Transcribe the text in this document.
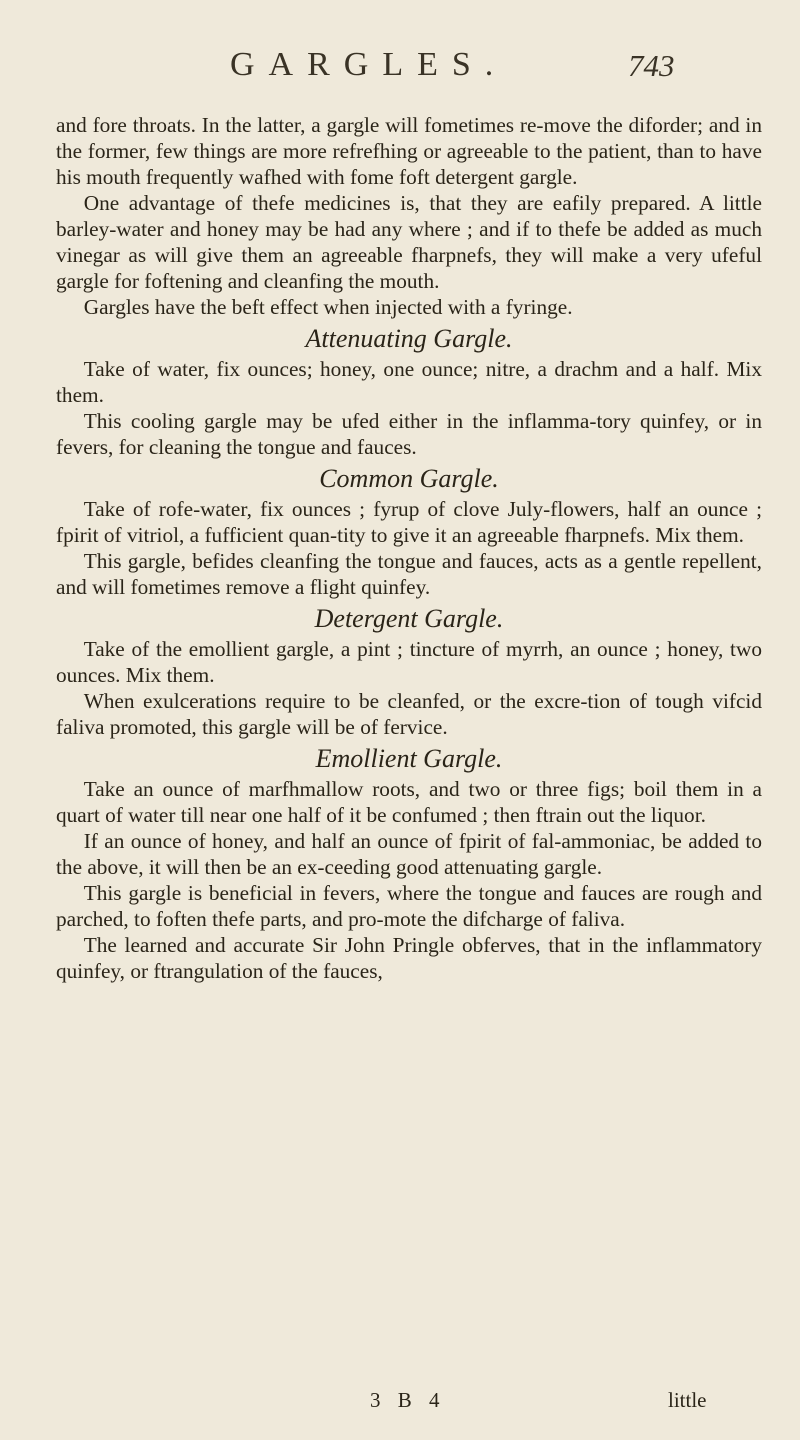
GARGLES.	743

and fore throats. In the latter, a gargle will fometimes re-move the diforder; and in the former, few things are more refrefhing or agreeable to the patient, than to have his mouth frequently wafhed with fome foft detergent gargle.

One advantage of thefe medicines is, that they are eafily prepared. A little barley-water and honey may be had any where ; and if to thefe be added as much vinegar as will give them an agreeable fharpnefs, they will make a very ufeful gargle for foftening and cleanfing the mouth.

Gargles have the beft effect when injected with a fyringe.

Attenuating Gargle.

Take of water, fix ounces; honey, one ounce; nitre, a drachm and a half. Mix them.

This cooling gargle may be ufed either in the inflamma-tory quinfey, or in fevers, for cleaning the tongue and fauces.

Common Gargle.

Take of rofe-water, fix ounces ; fyrup of clove July-flowers, half an ounce ; fpirit of vitriol, a fufficient quan-tity to give it an agreeable fharpnefs. Mix them.

This gargle, befides cleanfing the tongue and fauces, acts as a gentle repellent, and will fometimes remove a flight quinfey.

Detergent Gargle.

Take of the emollient gargle, a pint ; tincture of myrrh, an ounce ; honey, two ounces. Mix them.

When exulcerations require to be cleanfed, or the excre-tion of tough vifcid faliva promoted, this gargle will be of fervice.

Emollient Gargle.

Take an ounce of marfhmallow roots, and two or three figs; boil them in a quart of water till near one half of it be confumed ; then ftrain out the liquor.

If an ounce of honey, and half an ounce of fpirit of fal-ammoniac, be added to the above, it will then be an ex-ceeding good attenuating gargle.

This gargle is beneficial in fevers, where the tongue and fauces are rough and parched, to foften thefe parts, and pro-mote the difcharge of faliva.

The learned and accurate Sir John Pringle obferves, that in the inflammatory quinfey, or ftrangulation of the fauces,

3 B 4	little
